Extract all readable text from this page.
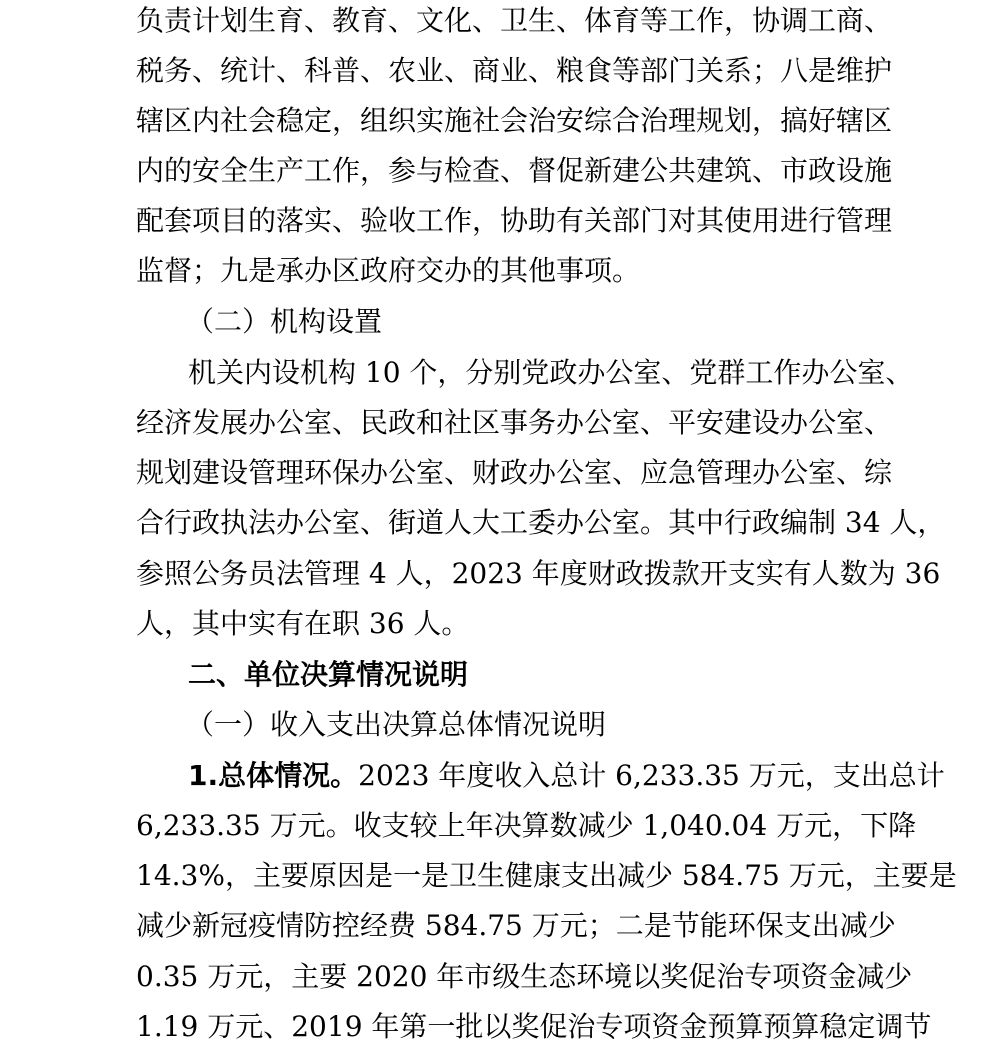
负责计划生育、教育、文化、卫生、体育等工作，协调工商、
税务、统计、科普、农业、商业、粮食等部门关系；八是维护
辖区内社会稳定，组织实施社会治安综合治理规划，搞好辖区
内的安全生产工作，参与检查、督促新建公共建筑、市政设施
配套项目的落实、验收工作，协助有关部门对其使用进行管理
监督；九是承办区政府交办的其他事项。
（二）机构设置
机关内设机构 10 个，分别党政办公室、党群工作办公室、
经济发展办公室、民政和社区事务办公室、平安建设办公室、
规划建设管理环保办公室、财政办公室、应急管理办公室、综
合行政执法办公室、街道人大工委办公室。其中行政编制 34 人，
参照公务员法管理 4 人，2023 年度财政拨款开支实有人数为 36
人，其中实有在职 36 人。
二、单位决算情况说明
（一）收入支出决算总体情况说明
1.总体情况。2023 年度收入总计 6,233.35 万元，支出总计
6,233.35 万元。收支较上年决算数减少 1,040.04 万元，下降
14.3%，主要原因是一是卫生健康支出减少 584.75 万元，主要是
减少新冠疫情防控经费 584.75 万元；二是节能环保支出减少
0.35 万元，主要 2020 年市级生态环境以奖促治专项资金减少
1.19 万元、2019 年第一批以奖促治专项资金预算预算稳定调节
